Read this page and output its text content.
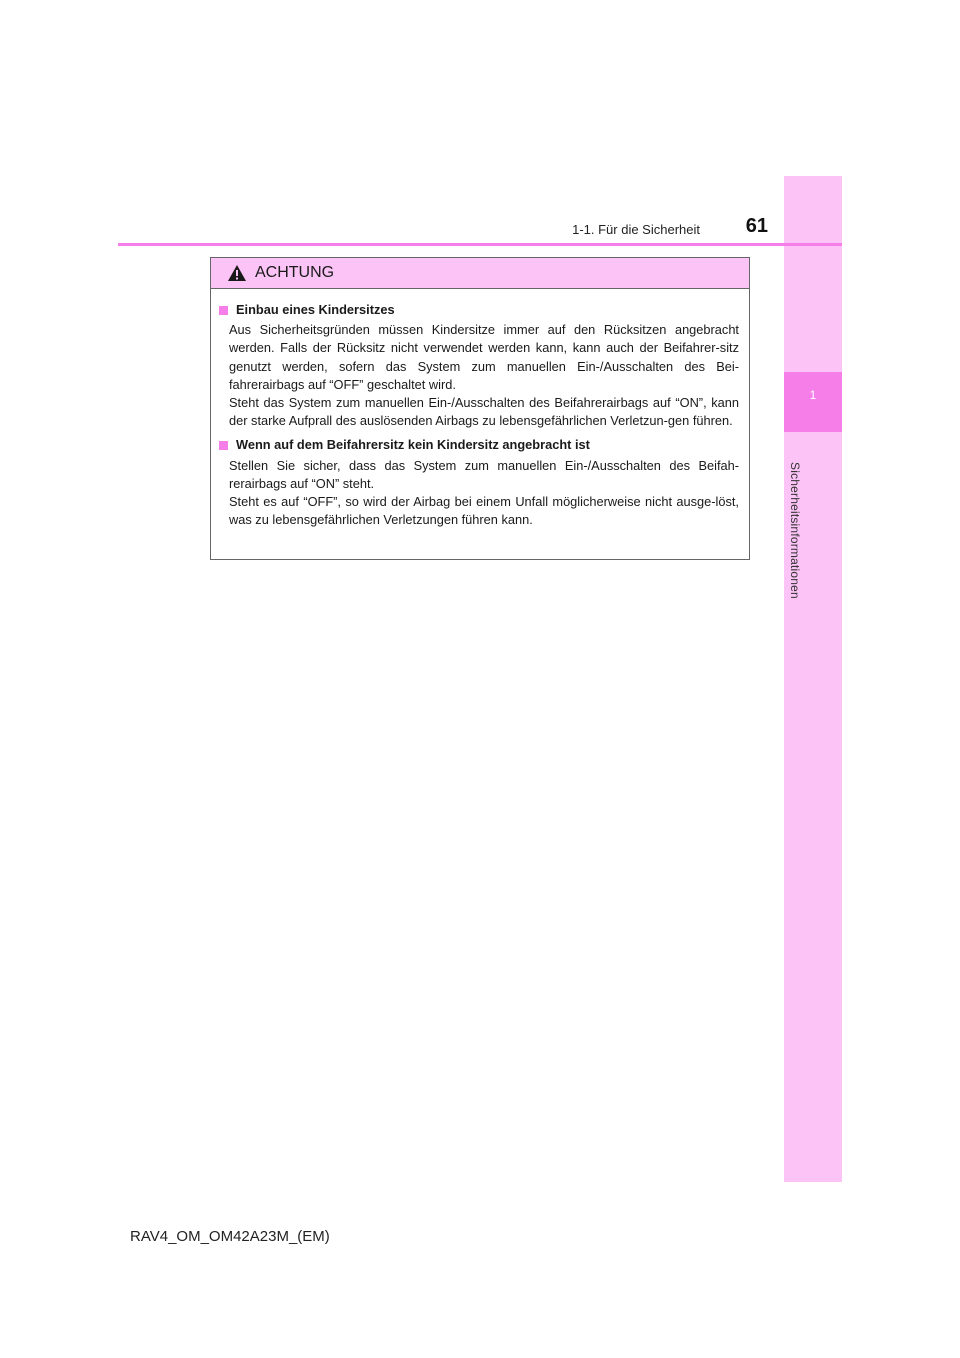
1
Sicherheitsinformationen
1-1. Für die Sicherheit	61
ACHTUNG
Einbau eines Kindersitzes

Aus Sicherheitsgründen müssen Kindersitze immer auf den Rücksitzen angebracht werden. Falls der Rücksitz nicht verwendet werden kann, kann auch der Beifahrer-sitz genutzt werden, sofern das System zum manuellen Ein-/Ausschalten des Bei-fahrerairbags auf “OFF” geschaltet wird.

Steht das System zum manuellen Ein-/Ausschalten des Beifahrerairbags auf “ON”, kann der starke Aufprall des auslösenden Airbags zu lebensgefährlichen Verletzun-gen führen.

Wenn auf dem Beifahrersitz kein Kindersitz angebracht ist

Stellen Sie sicher, dass das System zum manuellen Ein-/Ausschalten des Beifah-rerairbags auf “ON” steht.

Steht es auf “OFF”, so wird der Airbag bei einem Unfall möglicherweise nicht ausge-löst, was zu lebensgefährlichen Verletzungen führen kann.

RAV4_OM_OM42A23M_(EM)
